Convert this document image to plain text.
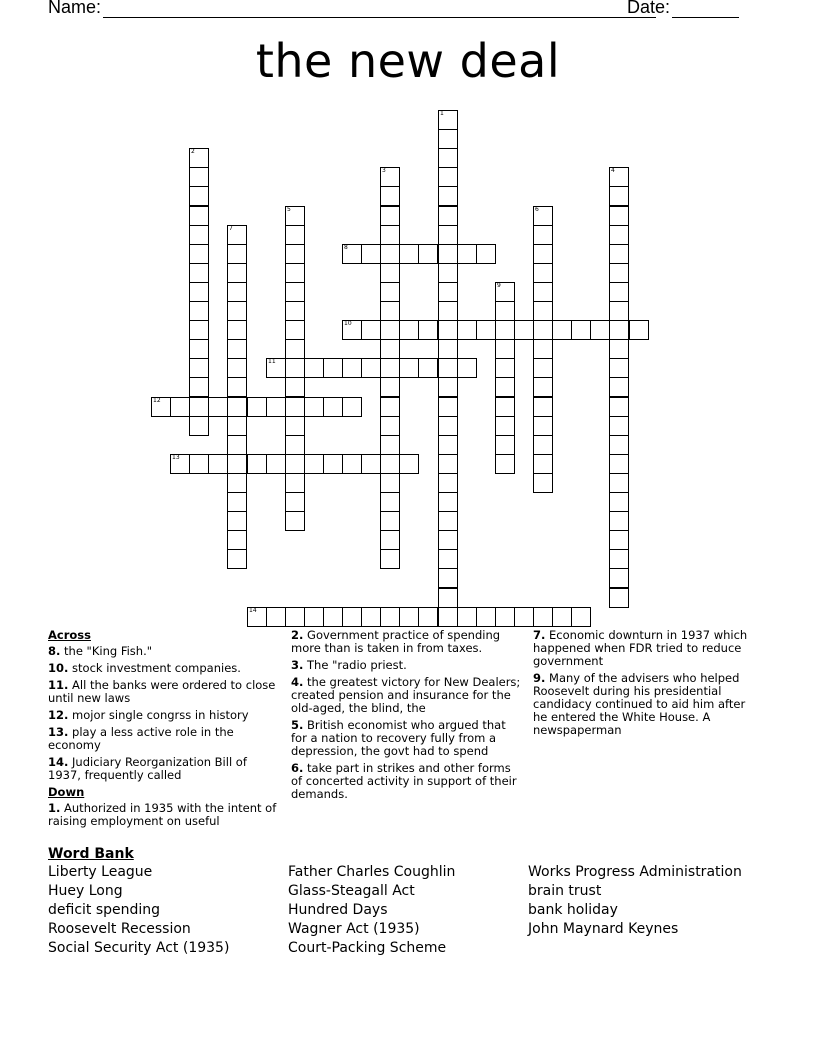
Name:	Date:
the new deal
1
2
3	4
5	6
7
8
9
10
11
12
13
14
Across
8. the "King Fish."
10. stock investment companies.
11. All the banks were ordered to close until new laws
12. mojor single congrss in history
13. play a less active role in the economy
14. Judiciary Reorganization Bill of 1937, frequently called
Down
1. Authorized in 1935 with the intent of raising employment on useful
2. Government practice of spending more than is taken in from taxes.
3. The "radio priest.
4. the greatest victory for New Dealers; created pension and insurance for the old-aged, the blind, the
5. British economist who argued that for a nation to recovery fully from a depression, the govt had to spend
6. take part in strikes and other forms of concerted activity in support of their demands.
7. Economic downturn in 1937 which happened when FDR tried to reduce government
9. Many of the advisers who helped Roosevelt during his presidential candidacy continued to aid him after he entered the White House. A newspaperman
Word Bank
Liberty League
Huey Long
deficit spending
Roosevelt Recession
Social Security Act (1935)
Father Charles Coughlin
Glass-Steagall Act
Hundred Days
Wagner Act (1935)
Court-Packing Scheme
Works Progress Administration
brain trust
bank holiday
John Maynard Keynes
